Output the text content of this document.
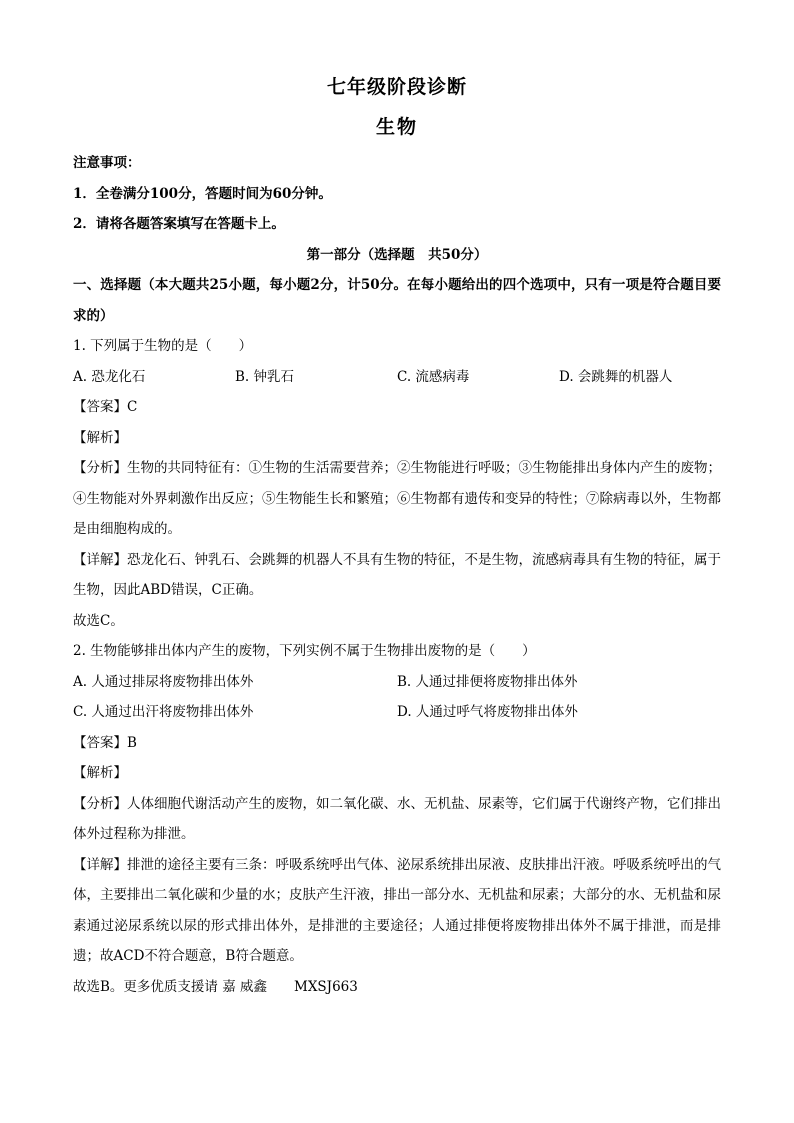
七年级阶段诊断
生物
注意事项：
1．全卷满分100分，答题时间为60分钟。
2．请将各题答案填写在答题卡上。
第一部分（选择题　共50分）
一、选择题（本大题共25小题，每小题2分，计50分。在每小题给出的四个选项中，只有一项是符合题目要求的）
1. 下列属于生物的是（　　）
A. 恐龙化石	B. 钟乳石	C. 流感病毒	D. 会跳舞的机器人
【答案】C
【解析】
【分析】生物的共同特征有：①生物的生活需要营养；②生物能进行呼吸；③生物能排出身体内产生的废物；④生物能对外界刺激作出反应；⑤生物能生长和繁殖；⑥生物都有遗传和变异的特性；⑦除病毒以外，生物都是由细胞构成的。
【详解】恐龙化石、钟乳石、会跳舞的机器人不具有生物的特征，不是生物，流感病毒具有生物的特征，属于生物，因此ABD错误，C正确。
故选C。
2. 生物能够排出体内产生的废物，下列实例不属于生物排出废物的是（　　）
A. 人通过排尿将废物排出体外	B. 人通过排便将废物排出体外
C. 人通过出汗将废物排出体外	D. 人通过呼气将废物排出体外
【答案】B
【解析】
【分析】人体细胞代谢活动产生的废物，如二氧化碳、水、无机盐、尿素等，它们属于代谢终产物，它们排出体外过程称为排泄。
【详解】排泄的途径主要有三条：呼吸系统呼出气体、泌尿系统排出尿液、皮肤排出汗液。呼吸系统呼出的气体，主要排出二氧化碳和少量的水；皮肤产生汗液，排出一部分水、无机盐和尿素；大部分的水、无机盐和尿素通过泌尿系统以尿的形式排出体外，是排泄的主要途径；人通过排便将废物排出体外不属于排泄，而是排遗；故ACD不符合题意，B符合题意。
故选B。更多优质支援请 嘉 威鑫　　MXSJ663
